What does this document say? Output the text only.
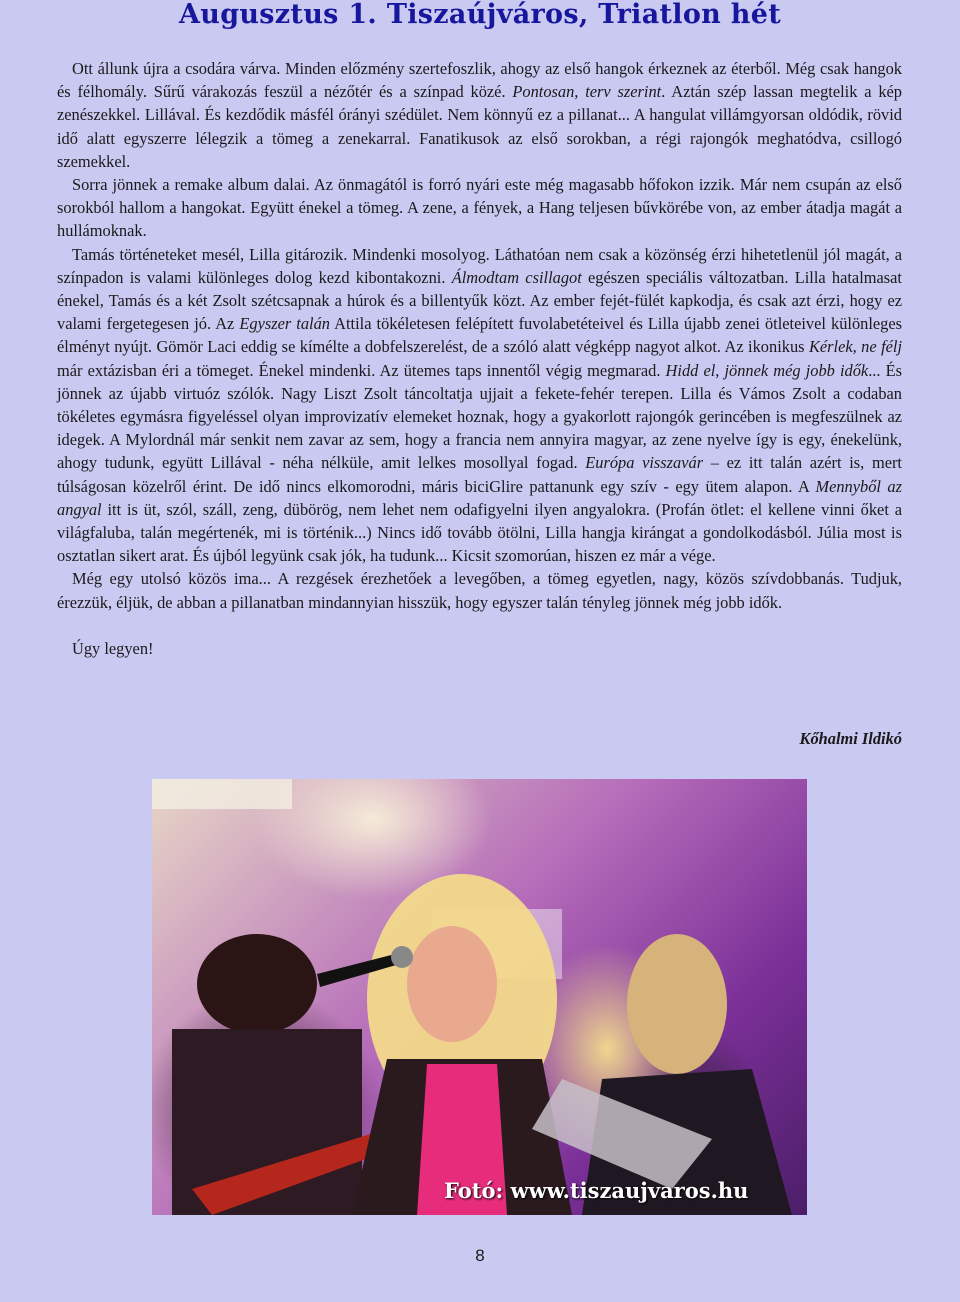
Augusztus 1. Tiszaújváros, Triatlon hét

Ott állunk újra a csodára várva. Minden előzmény szertefoszlik, ahogy az első hangok érkeznek az éterből. Még csak hangok és félhomály. Sűrű várakozás feszül a nézőtér és a színpad közé. Pontosan, terv szerint. Aztán szép lassan megtelik a kép zenészekkel. Lillával. És kezdődik másfél órányi szédület. Nem könnyű ez a pillanat... A hangulat villámgyorsan oldódik, rövid idő alatt egyszerre lélegzik a tömeg a zenekarral. Fanatikusok az első sorokban, a régi rajongók meghatódva, csillogó szemekkel.

Sorra jönnek a remake album dalai. Az önmagától is forró nyári este még magasabb hőfokon izzik. Már nem csupán az első sorokból hallom a hangokat. Együtt énekel a tömeg. A zene, a fények, a Hang teljesen bűvkörébe von, az ember átadja magát a hullámoknak.

Tamás történeteket mesél, Lilla gitározik. Mindenki mosolyog. Láthatóan nem csak a közönség érzi hihetetlenül jól magát, a színpadon is valami különleges dolog kezd kibontakozni. Álmodtam csillagot egészen speciális változatban. Lilla hatalmasat énekel, Tamás és a két Zsolt szétcsapnak a húrok és a billentyűk közt. Az ember fejét-fülét kapkodja, és csak azt érzi, hogy ez valami fergetegesen jó. Az Egyszer talán Attila tökéletesen felépített fuvolabetéteivel és Lilla újabb zenei ötleteivel különleges élményt nyújt. Gömör Laci eddig se kímélte a dobfelszerelést, de a szóló alatt végképp nagyot alkot. Az ikonikus Kérlek, ne félj már extázisban éri a tömeget. Énekel mindenki. Az ütemes taps innentől végig megmarad. Hidd el, jönnek még jobb idők... És jönnek az újabb virtuóz szólók. Nagy Liszt Zsolt táncoltatja ujjait a fekete-fehér terepen. Lilla és Vámos Zsolt a codaban tökéletes egymásra figyeléssel olyan improvizatív elemeket hoznak, hogy a gyakorlott rajongók gerincében is megfeszülnek az idegek. A Mylordnál már senkit nem zavar az sem, hogy a francia nem annyira magyar, az zene nyelve így is egy, énekelünk, ahogy tudunk, együtt Lillával - néha nélküle, amit lelkes mosollyal fogad. Európa visszavár – ez itt talán azért is, mert túlságosan közelről érint. De idő nincs elkomorodni, máris biciGlire pattanunk egy szív - egy ütem alapon. A Mennyből az angyal itt is üt, szól, száll, zeng, dübörög, nem lehet nem odafigyelni ilyen angyalokra. (Profán ötlet: el kellene vinni őket a világfaluba, talán megértenék, mi is történik...) Nincs idő tovább ötölni, Lilla hangja kirángat a gondolkodásból. Júlia most is osztatlan sikert arat. És újból legyünk csak jók, ha tudunk... Kicsit szomorúan, hiszen ez már a vége.

Még egy utolsó közös ima... A rezgések érezhetőek a levegőben, a tömeg egyetlen, nagy, közös szívdobbanás. Tudjuk, érezzük, éljük, de abban a pillanatban mindannyian hisszük, hogy egyszer talán tényleg jönnek még jobb idők.

Úgy legyen!

Kőhalmi Ildikó
Fotó: www.tiszaujvaros.hu
8
